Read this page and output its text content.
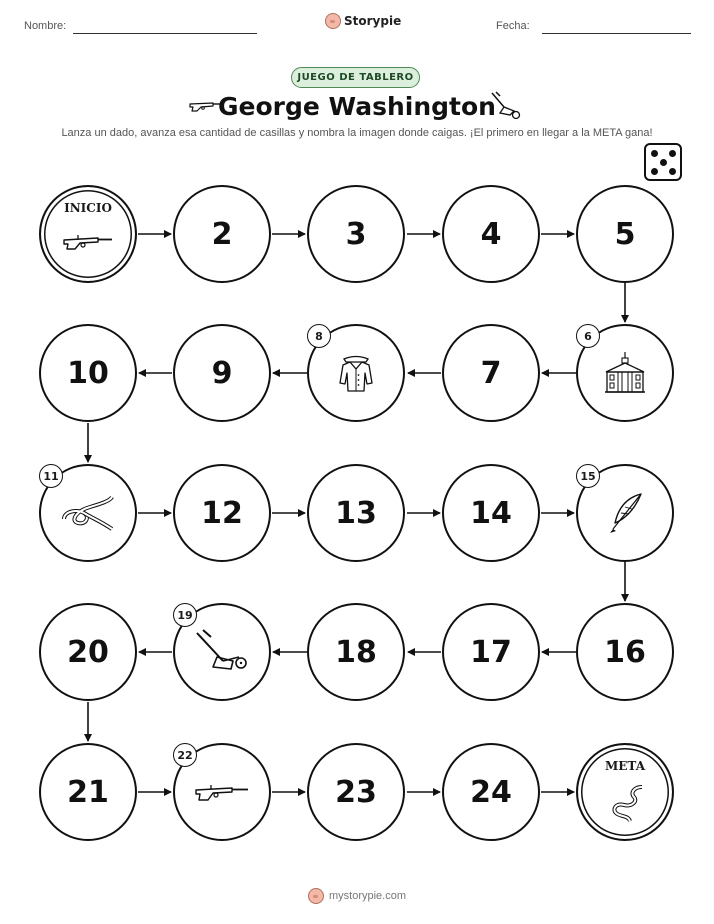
Nombre:	Storypie	Fecha:
JUEGO DE TABLERO
George Washington
Lanza un dado, avanza esa cantidad de casillas y nombra la imagen donde caigas. ¡El primero en llegar a la META gana!
INICIO
2	3	4	5
10	9
8
7
6
11
12	13	14
15
20
19
18	17	16
21
22
23	24
META
mystorypie.com
